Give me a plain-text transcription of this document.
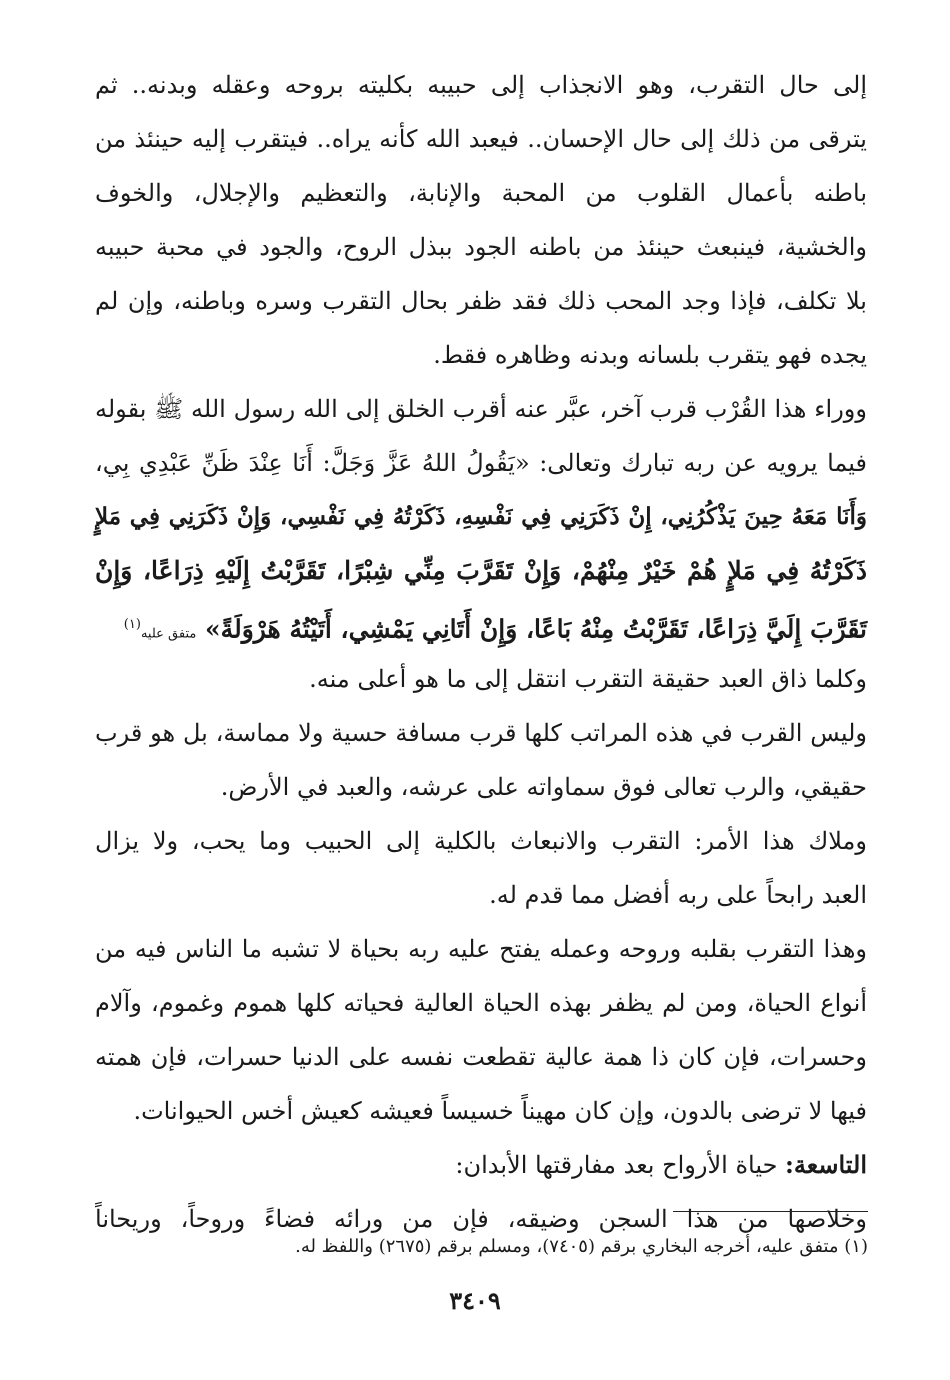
إلى حال التقرب، وهو الانجذاب إلى حبيبه بكليته بروحه وعقله وبدنه.. ثم
يترقى من ذلك إلى حال الإحسان.. فيعبد الله كأنه يراه.. فيتقرب إليه حينئذ من
باطنه بأعمال القلوب من المحبة والإنابة، والتعظيم والإجلال، والخوف
والخشية، فينبعث حينئذ من باطنه الجود ببذل الروح، والجود في محبة حبيبه
بلا تكلف، فإذا وجد المحب ذلك فقد ظفر بحال التقرب وسره وباطنه، وإن لم
يجده فهو يتقرب بلسانه وبدنه وظاهره فقط.
ووراء هذا القُرْب قرب آخر، عبَّر عنه أقرب الخلق إلى الله رسول الله ﷺ بقوله
فيما يرويه عن ربه تبارك وتعالى: «يَقُولُ اللهُ عَزَّ وَجَلَّ: أَنَا عِنْدَ ظَنِّ عَبْدِي بِي،
وَأَنَا مَعَهُ حِينَ يَذْكُرُنِي، إِنْ ذَكَرَنِي فِي نَفْسِهِ، ذَكَرْتُهُ فِي نَفْسِي، وَإِنْ ذَكَرَنِي فِي مَلإٍ
ذَكَرْتُهُ فِي مَلإٍ هُمْ خَيْرٌ مِنْهُمْ، وَإِنْ تَقَرَّبَ مِنِّي شِبْرًا، تَقَرَّبْتُ إِلَيْهِ ذِرَاعًا، وَإِنْ
تَقَرَّبَ إِلَيَّ ذِرَاعًا، تَقَرَّبْتُ مِنْهُ بَاعًا، وَإِنْ أَتَانِي يَمْشِي، أَتَيْتُهُ هَرْوَلَةً» متفق عليه$^{(١)}$
وكلما ذاق العبد حقيقة التقرب انتقل إلى ما هو أعلى منه.
وليس القرب في هذه المراتب كلها قرب مسافة حسية ولا مماسة، بل هو قرب
حقيقي، والرب تعالى فوق سماواته على عرشه، والعبد في الأرض.
وملاك هذا الأمر: التقرب والانبعاث بالكلية إلى الحبيب وما يحب، ولا يزال
العبد رابحاً على ربه أفضل مما قدم له.
وهذا التقرب بقلبه وروحه وعمله يفتح عليه ربه بحياة لا تشبه ما الناس فيه من
أنواع الحياة، ومن لم يظفر بهذه الحياة العالية فحياته كلها هموم وغموم، وآلام
وحسرات، فإن كان ذا همة عالية تقطعت نفسه على الدنيا حسرات، فإن همته
فيها لا ترضى بالدون، وإن كان مهيناً خسيساً فعيشه كعيش أخس الحيوانات.
التاسعة: حياة الأرواح بعد مفارقتها الأبدان:
وخلاصها من هذا السجن وضيقه، فإن من ورائه فضاءً وروحاً، وريحاناً
(١) متفق عليه، أخرجه البخاري برقم (٧٤٠٥)، ومسلم برقم (٢٦٧٥) واللفظ له.
٣٤٠٩
